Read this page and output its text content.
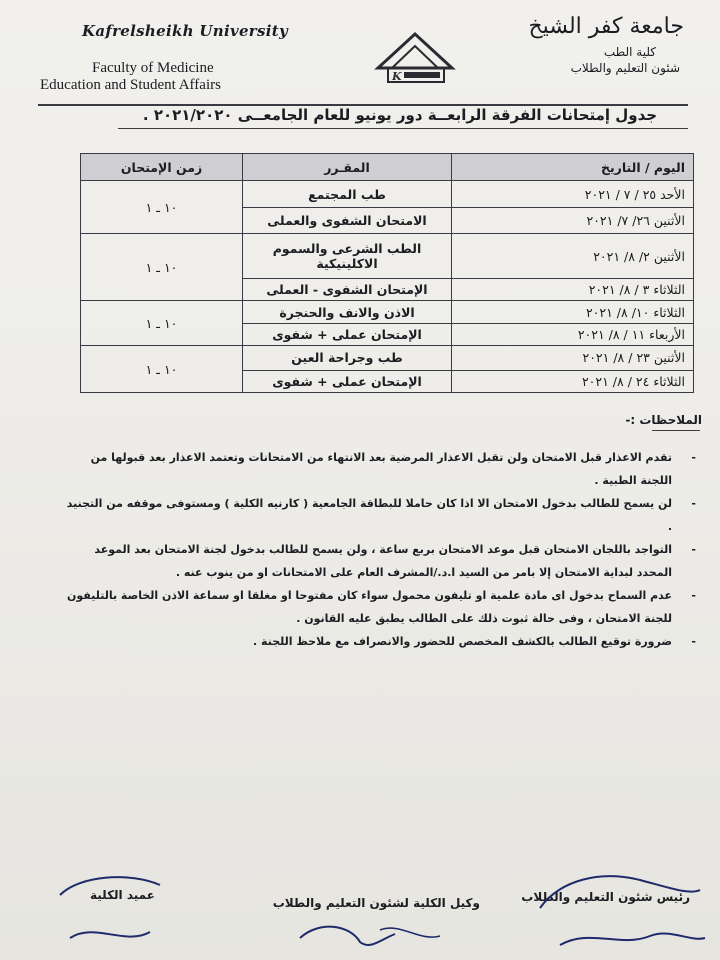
Kafrelsheikh University
Faculty of Medicine
Education and Student Affairs
K
جامعة كفر الشيخ
كلية الطب
شئون التعليم والطلاب
جدول إمتحانات الفرقة الرابعــة دور يونيو للعام الجامعــى ٢٠٢١/٢٠٢٠ .
اليوم / التاريخ	المقـرر	زمن الإمتحان
الأحد ٢٥ / ٧ / ٢٠٢١	طب المجتمع	١٠ ـ ١
الأثنين ٢٦/ ٧/ ٢٠٢١	الامتحان الشفوى والعملى	
الأثنين ٢/ ٨/ ٢٠٢١	الطب الشرعى والسموم الاكلينيكية	١٠ ـ ١
الثلاثاء ٣ / ٨/ ٢٠٢١	الإمتحان الشفوى - العملى	
الثلاثاء ١٠/ ٨/ ٢٠٢١	الاذن والانف والحنجرة	١٠ ـ ١
الأربعاء ١١ / ٨/ ٢٠٢١	الإمتحان عملى + شفوى	
الأثنين ٢٣ / ٨/ ٢٠٢١	طب وجراحة العين	١٠ ـ ١
الثلاثاء ٢٤ / ٨/ ٢٠٢١	الإمتحان عملى + شفوى	
الملاحظات :-
- تقدم الاعذار قبل الامتحان ولن تقبل الاعذار المرضية بعد الانتهاء من الامتحانات وتعتمد الاعذار بعد قبولها من اللجنة الطبية .
- لن يسمح للطالب بدخول الامتحان الا اذا كان حاملا للبطاقة الجامعية ( كارنيه الكلية ) ومستوفى موقفه من التجنيد .
- التواجد باللجان الامتحان قبل موعد الامتحان بربع ساعة ، ولن يسمح للطالب بدخول لجنة الامتحان بعد الموعد المحدد لبداية الامتحان إلا بامر من السيد ا.د./المشرف العام على الامتحانات او من ينوب عنه .
- عدم السماح بدخول اى مادة علمية او تليفون محمول سواء كان مفتوحا او مغلقا او سماعة الاذن الخاصة بالتليفون للجنة الامتحان ، وفى حالة ثبوت ذلك على الطالب يطبق عليه القانون .
- ضرورة توقيع الطالب بالكشف المخصص للحضور والانصراف مع ملاحظ اللجنة .
رئيس شئون التعليم والطلاب
وكيل الكلية لشئون التعليم والطلاب
عميد الكلية
